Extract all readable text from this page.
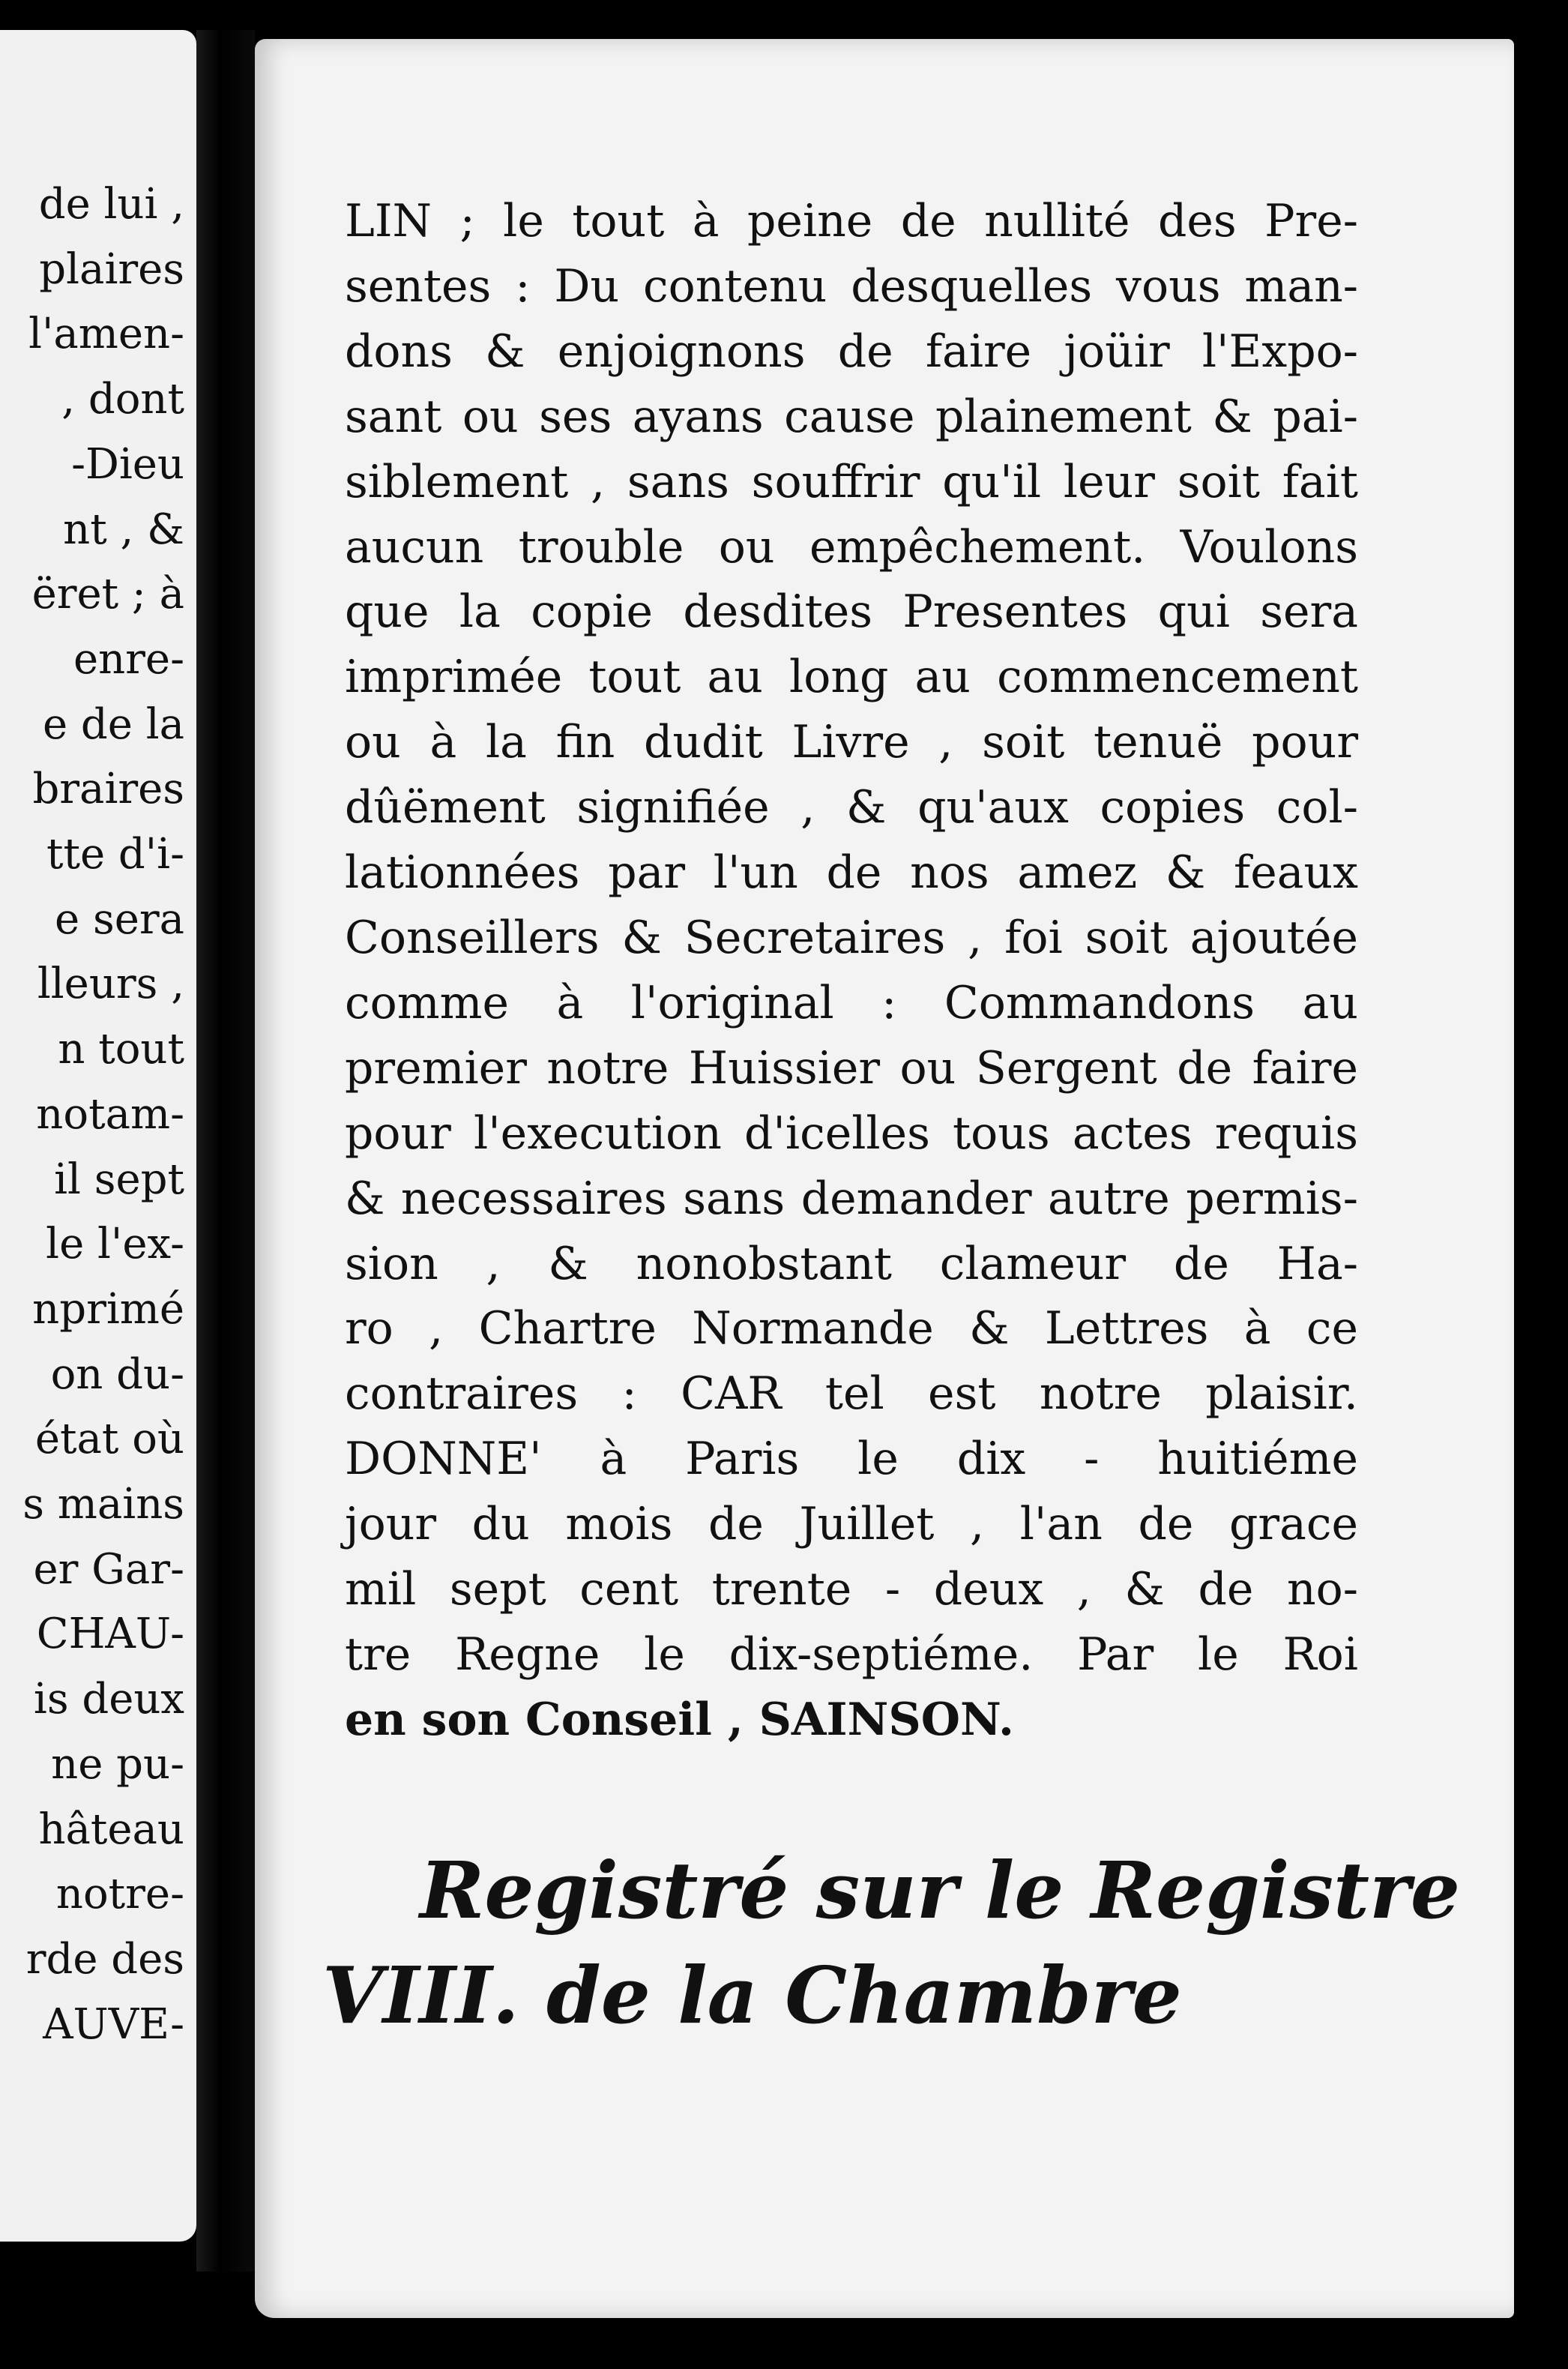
de lui ,
plaires
l'amen-
, dont
-Dieu
nt , &
ëret ; à
enre-
e de la
braires
tte d'i-
e sera
lleurs ,
n tout
notam-
il sept
le l'ex-
nprimé
on du-
état où
s mains
er Gar-
CHAU-
is deux
ne pu-
hâteau
notre-
rde des
AUVE-
LIN ; le tout à peine de nullité des Pre-
sentes : Du contenu desquelles vous man-
dons & enjoignons de faire joüir l'Expo-
sant ou ses ayans cause plainement & pai-
siblement , sans souffrir qu'il leur soit fait
aucun trouble ou empêchement. Voulons
que la copie desdites Presentes qui sera
imprimée tout au long au commencement
ou à la fin dudit Livre , soit tenuë pour
dûëment signifiée , & qu'aux copies col-
lationnées par l'un de nos amez & feaux
Conseillers & Secretaires , foi soit ajoutée
comme à l'original : Commandons au
premier notre Huissier ou Sergent de faire
pour l'execution d'icelles tous actes requis
& necessaires sans demander autre permis-
sion , & nonobstant clameur de Ha-
ro , Chartre Normande & Lettres à ce
contraires : CAR tel est notre plaisir.
DONNE' à Paris le dix - huitiéme
jour du mois de Juillet , l'an de grace
mil sept cent trente - deux , & de no-
tre Regne le dix-septiéme. Par le Roi
en son Conseil , SAINSON.
Registré sur le Registre
VIII. de la Chambre
